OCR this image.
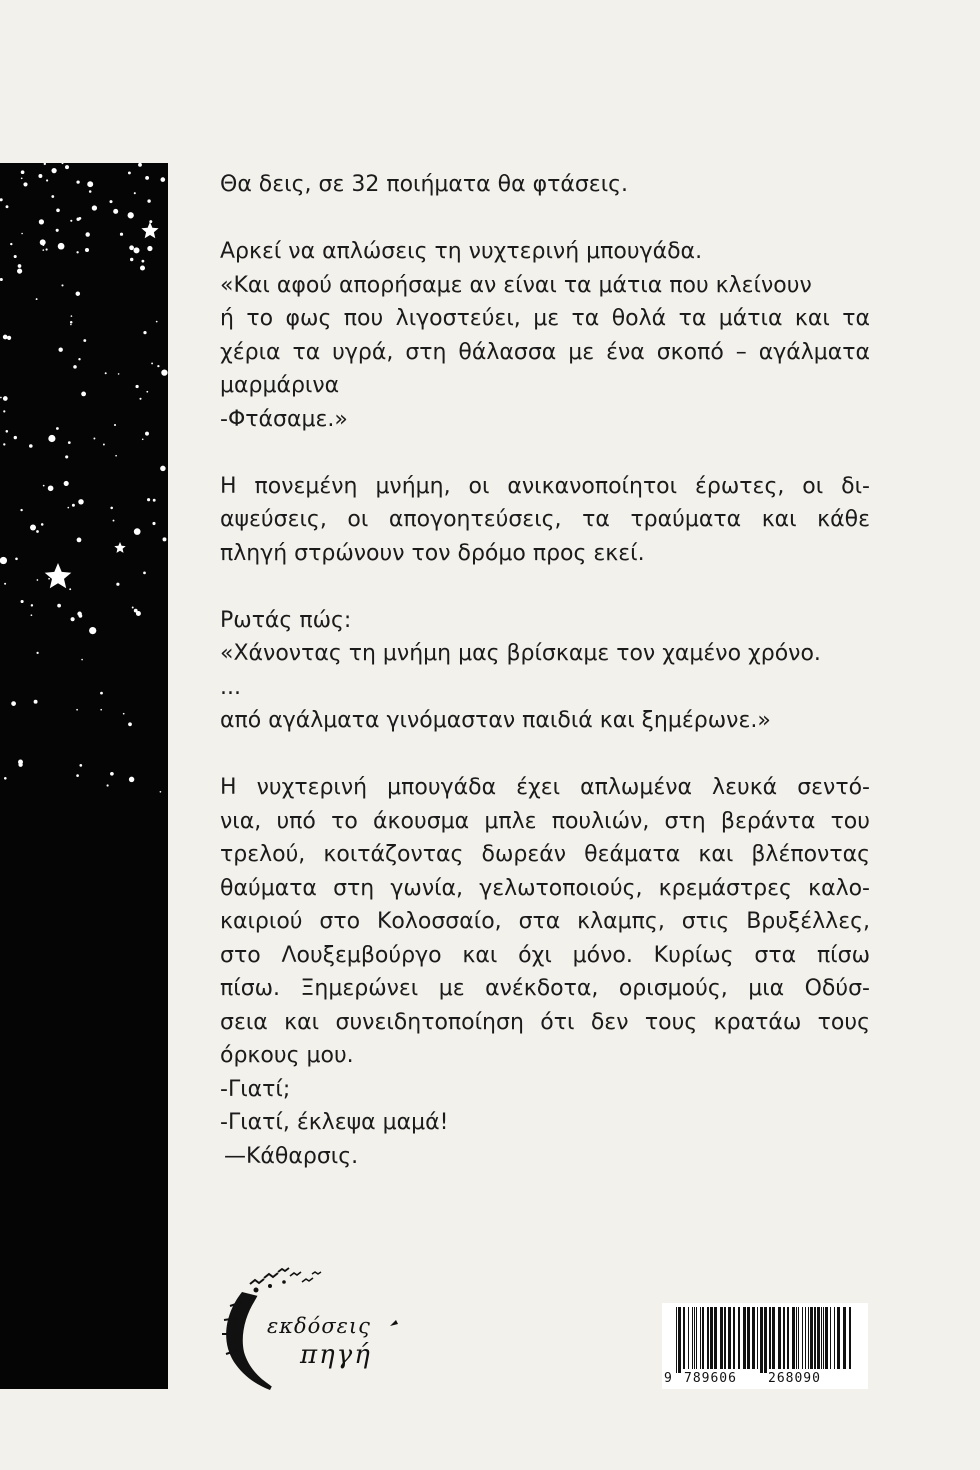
Θα δεις, σε 32 ποιήματα θα φτάσεις.
Αρκεί να απλώσεις τη νυχτερινή μπουγάδα.
«Και αφού απορήσαμε αν είναι τα μάτια που κλείνουν
ή το φως που λιγοστεύει, με τα θολά τα μάτια και τα
χέρια τα υγρά, στη θάλασσα με ένα σκοπό – αγάλματα
μαρμάρινα
-Φτάσαμε.»
Η πονεμένη μνήμη, οι ανικανοποίητοι έρωτες, οι δι-
αψεύσεις, οι απογοητεύσεις, τα τραύματα και κάθε
πληγή στρώνουν τον δρόμο προς εκεί.
Ρωτάς πώς:
«Χάνοντας τη μνήμη μας βρίσκαμε τον χαμένο χρόνο.
...
από αγάλματα γινόμασταν παιδιά και ξημέρωνε.»
Η νυχτερινή μπουγάδα έχει απλωμένα λευκά σεντό-
νια, υπό το άκουσμα μπλε πουλιών, στη βεράντα του
τρελού, κοιτάζοντας δωρεάν θεάματα και βλέποντας
θαύματα στη γωνία, γελωτοποιούς, κρεμάστρες καλο-
καιριού στο Κολοσσαίο, στα κλαμπς, στις Βρυξέλλες,
στο Λουξεμβούργο και όχι μόνο. Κυρίως στα πίσω
πίσω. Ξημερώνει με ανέκδοτα, ορισμούς, μια Οδύσ-
σεια και συνειδητοποίηση ότι δεν τους κρατάω τους
όρκους μου.
-Γιατί;
-Γιατί, έκλεψα μαμά!
—Κάθαρσις.
εκδόσεις
πηγή
9 789606 268090
